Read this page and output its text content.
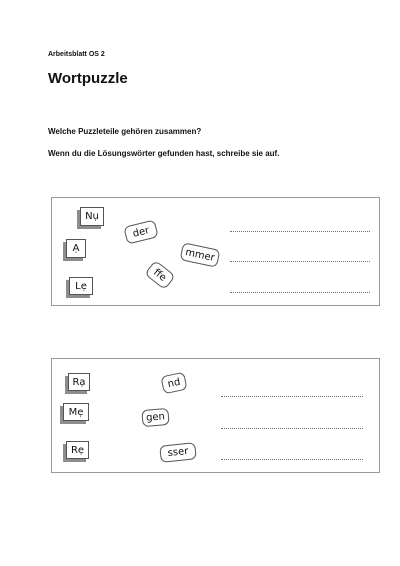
Arbeitsblatt OS 2
Wortpuzzle
Welche Puzzleteile gehören zusammen?
Wenn du die Lösungswörter gefunden hast, schreibe sie auf.
Nụ
Ạ
Lẹ
der
ffe
mmer
Rạ
Mẹ
Rẹ
nd
gen
sser
